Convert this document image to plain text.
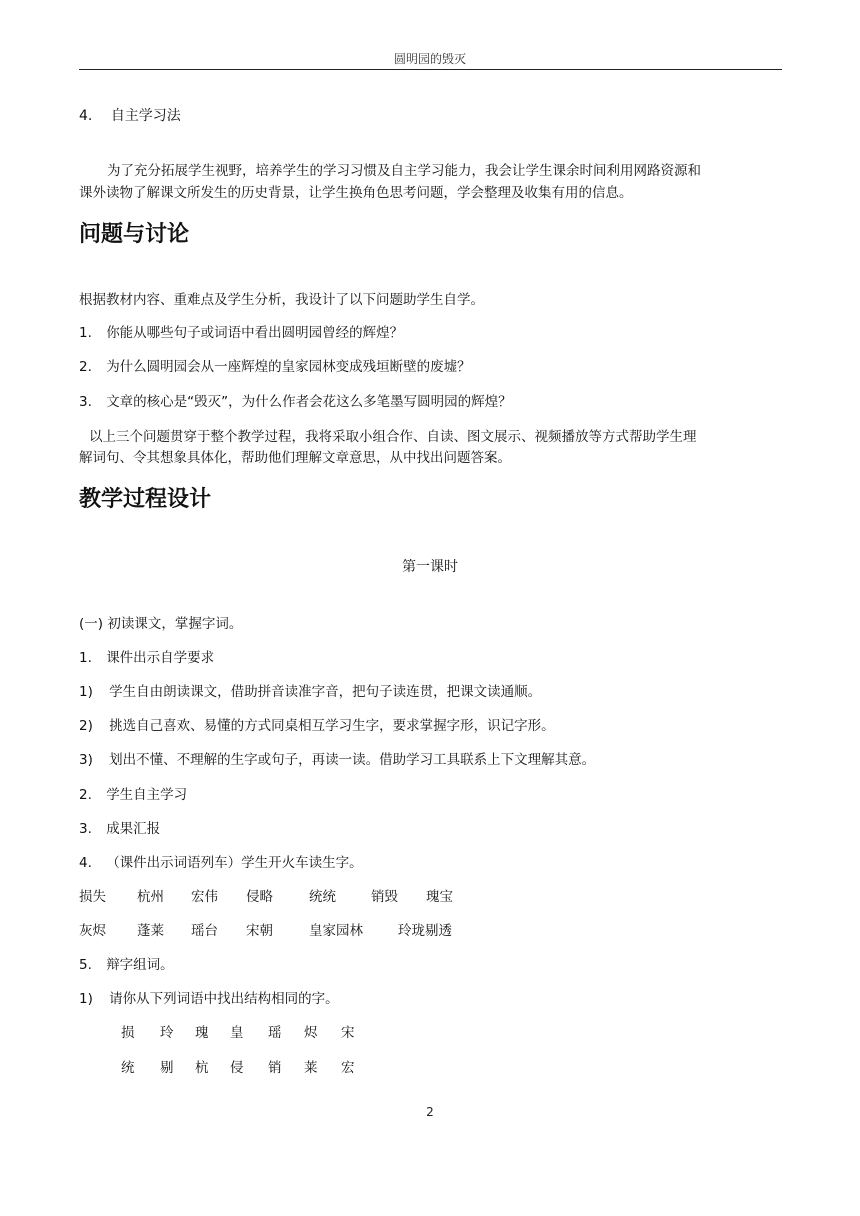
圆明园的毁灭
4. 自主学习法
为了充分拓展学生视野，培养学生的学习习惯及自主学习能力，我会让学生课余时间利用网路资源和
课外读物了解课文所发生的历史背景，让学生换角色思考问题，学会整理及收集有用的信息。
问题与讨论
根据教材内容、重难点及学生分析，我设计了以下问题助学生自学。
1. 你能从哪些句子或词语中看出圆明园曾经的辉煌？
2. 为什么圆明园会从一座辉煌的皇家园林变成残垣断壁的废墟？
3. 文章的核心是“毁灭”，为什么作者会花这么多笔墨写圆明园的辉煌？
以上三个问题贯穿于整个教学过程，我将采取小组合作、自读、图文展示、视频播放等方式帮助学生理
解词句、令其想象具体化，帮助他们理解文章意思，从中找出问题答案。
教学过程设计
第一课时
(一) 初读课文，掌握字词。
1. 课件出示自学要求
1) 学生自由朗读课文，借助拼音读准字音，把句子读连贯，把课文读通顺。
2) 挑选自己喜欢、易懂的方式同桌相互学习生字，要求掌握字形，识记字形。
3) 划出不懂、不理解的生字或句子，再读一读。借助学习工具联系上下文理解其意。
2. 学生自主学习
3. 成果汇报
4. （课件出示词语列车）学生开火车读生字。
损失 杭州 宏伟 侵略	统统	销毁 瑰宝
灰烬 蓬莱 瑶台 宋朝	皇家园林	玲珑剔透
5. 辩字组词。
1) 请你从下列词语中找出结构相同的字。
损 玲 瑰 皇 瑶 烬 宋
统 剔 杭 侵 销 莱 宏
2
